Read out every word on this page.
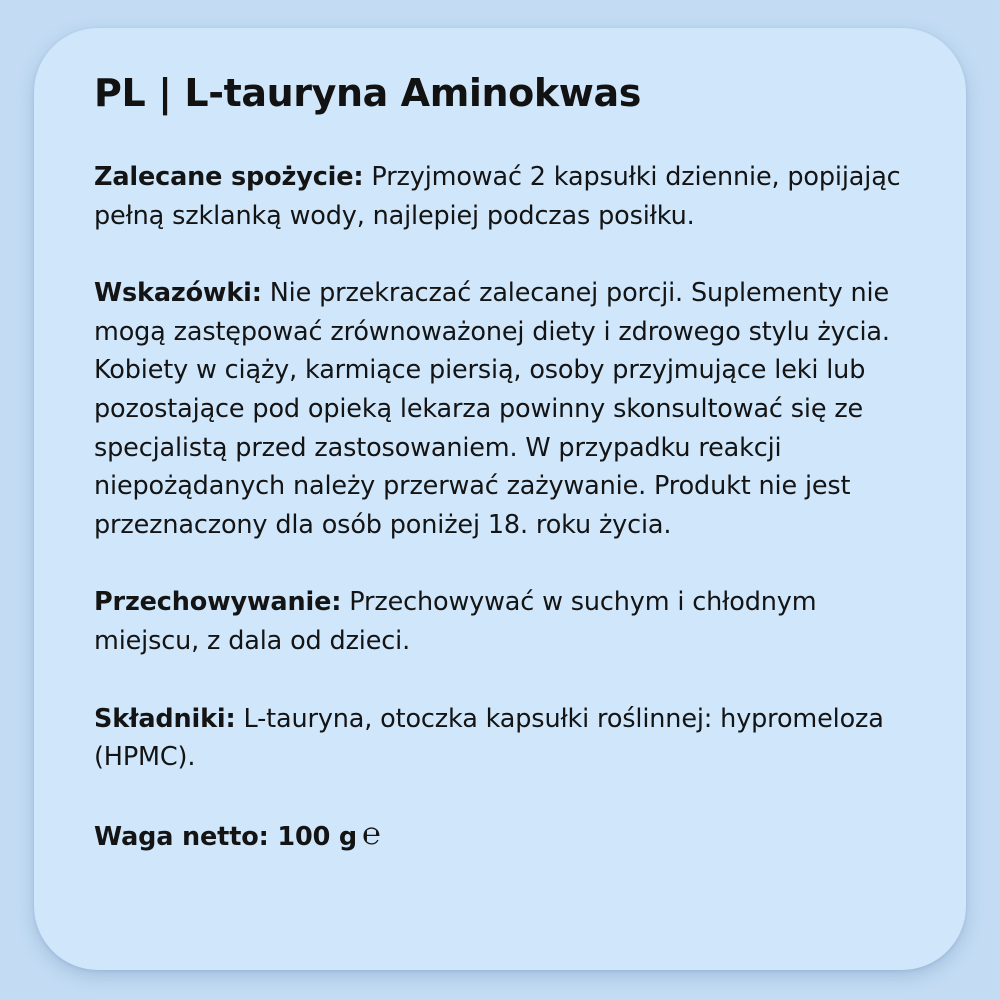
PL | L-tauryna Aminokwas

Zalecane spożycie: Przyjmować 2 kapsułki dziennie, popijając pełną szklanką wody, najlepiej podczas posiłku.

Wskazówki: Nie przekraczać zalecanej porcji. Suplementy nie mogą zastępować zrównoważonej diety i zdrowego stylu życia. Kobiety w ciąży, karmiące piersią, osoby przyjmujące leki lub pozostające pod opieką lekarza powinny skonsultować się ze specjalistą przed zastosowaniem. W przypadku reakcji niepożądanych należy przerwać zażywanie. Produkt nie jest przeznaczony dla osób poniżej 18. roku życia.

Przechowywanie: Przechowywać w suchym i chłodnym miejscu, z dala od dzieci.

Składniki: L-tauryna, otoczka kapsułki roślinnej: hypromeloza (HPMC).

Waga netto: 100 g ℮
